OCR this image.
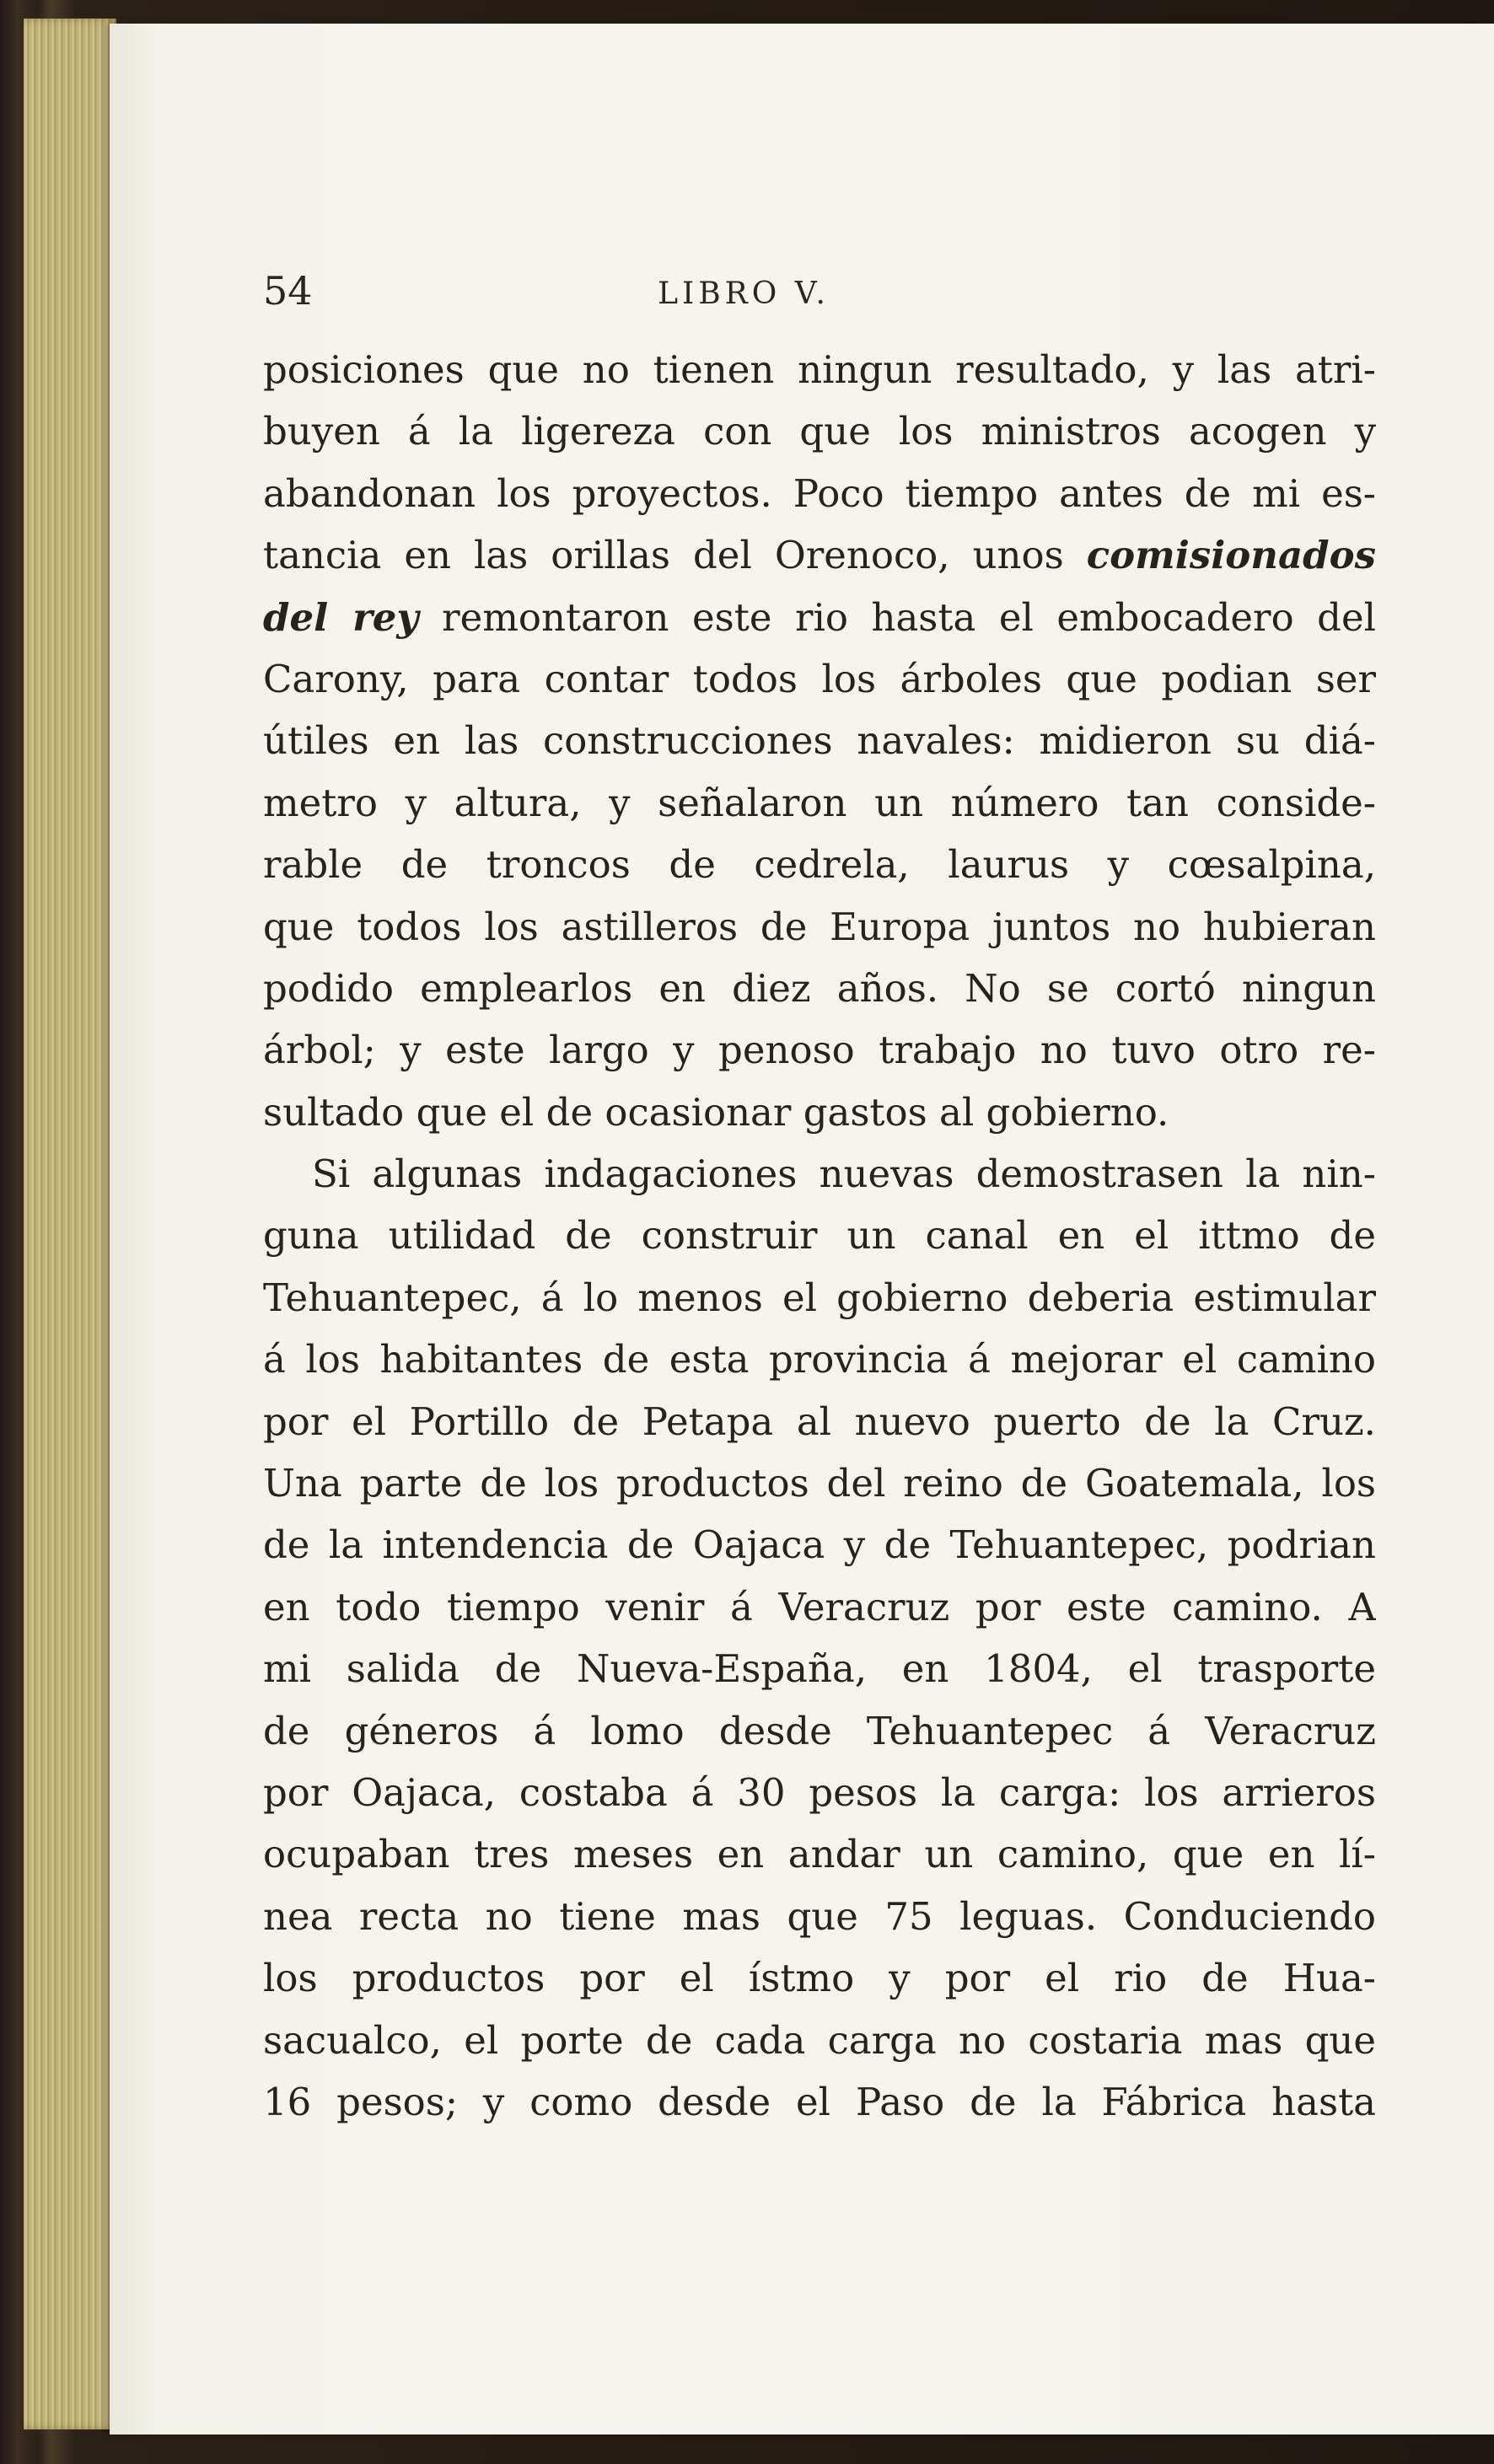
54	LIBRO V.
posiciones que no tienen ningun resultado, y las atri-
buyen á la ligereza con que los ministros acogen y
abandonan los proyectos. Poco tiempo antes de mi es-
tancia en las orillas del Orenoco, unos comisionados
del rey remontaron este rio hasta el embocadero del
Carony, para contar todos los árboles que podian ser
útiles en las construcciones navales: midieron su diá-
metro y altura, y señalaron un número tan conside-
rable de troncos de cedrela, laurus y cœsalpina,
que todos los astilleros de Europa juntos no hubieran
podido emplearlos en diez años. No se cortó ningun
árbol; y este largo y penoso trabajo no tuvo otro re-
sultado que el de ocasionar gastos al gobierno.
Si algunas indagaciones nuevas demostrasen la nin-
guna utilidad de construir un canal en el ittmo de
Tehuantepec, á lo menos el gobierno deberia estimular
á los habitantes de esta provincia á mejorar el camino
por el Portillo de Petapa al nuevo puerto de la Cruz.
Una parte de los productos del reino de Goatemala, los
de la intendencia de Oajaca y de Tehuantepec, podrian
en todo tiempo venir á Veracruz por este camino. A
mi salida de Nueva-España, en 1804, el trasporte
de géneros á lomo desde Tehuantepec á Veracruz
por Oajaca, costaba á 30 pesos la carga: los arrieros
ocupaban tres meses en andar un camino, que en lí-
nea recta no tiene mas que 75 leguas. Conduciendo
los productos por el ístmo y por el rio de Hua-
sacualco, el porte de cada carga no costaria mas que
16 pesos; y como desde el Paso de la Fábrica hasta
